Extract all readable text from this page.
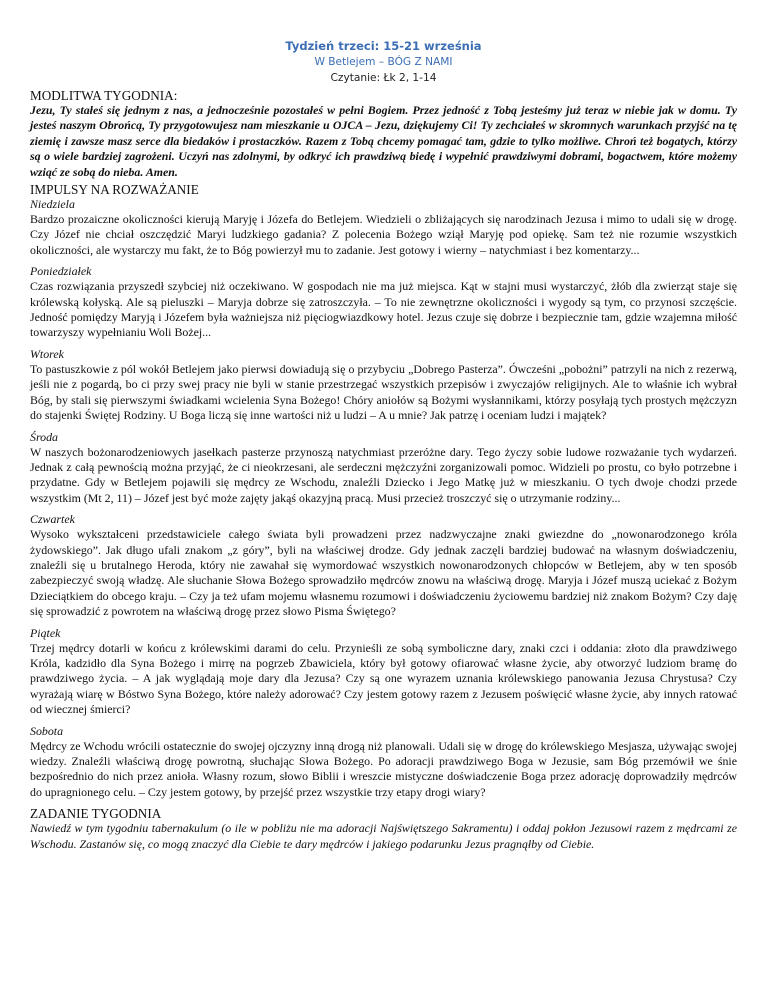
Tydzień trzeci: 15-21 września
W Betlejem – BÓG Z NAMI
Czytanie: Łk 2, 1-14
MODLITWA TYGODNIA:

Jezu, Ty stałeś się jednym z nas, a jednocześnie pozostałeś w pełni Bogiem. Przez jedność z Tobą jesteśmy już teraz w niebie jak w domu. Ty jesteś naszym Obrońcą, Ty przygotowujesz nam mieszkanie u OJCA – Jezu, dziękujemy Ci! Ty zechciałeś w skromnych warunkach przyjść na tę ziemię i zawsze masz serce dla biedaków i prostaczków. Razem z Tobą chcemy pomagać tam, gdzie to tylko możliwe. Chroń też bogatych, którzy są o wiele bardziej zagrożeni. Uczyń nas zdolnymi, by odkryć ich prawdziwą biedę i wypełnić prawdziwymi dobrami, bogactwem, które możemy wziąć ze sobą do nieba. Amen.

IMPULSY NA ROZWAŻANIE

Niedziela

Bardzo prozaiczne okoliczności kierują Maryję i Józefa do Betlejem. Wiedzieli o zbliżających się narodzinach Jezusa i mimo to udali się w drogę. Czy Józef nie chciał oszczędzić Maryi ludzkiego gadania? Z polecenia Bożego wziął Maryję pod opiekę. Sam też nie rozumie wszystkich okoliczności, ale wystarczy mu fakt, że to Bóg powierzył mu to zadanie. Jest gotowy i wierny – natychmiast i bez komentarzy...

Poniedziałek

Czas rozwiązania przyszedł szybciej niż oczekiwano. W gospodach nie ma już miejsca. Kąt w stajni musi wystarczyć, żłób dla zwierząt staje się królewską kołyską. Ale są pieluszki – Maryja dobrze się zatroszczyła. – To nie zewnętrzne okoliczności i wygody są tym, co przynosi szczęście. Jedność pomiędzy Maryją i Józefem była ważniejsza niż pięciogwiazdkowy hotel. Jezus czuje się dobrze i bezpiecznie tam, gdzie wzajemna miłość towarzyszy wypełnianiu Woli Bożej...

Wtorek

To pastuszkowie z pól wokół Betlejem jako pierwsi dowiadują się o przybyciu „Dobrego Pasterza”. Ówcześni „pobożni” patrzyli na nich z rezerwą, jeśli nie z pogardą, bo ci przy swej pracy nie byli w stanie przestrzegać wszystkich przepisów i zwyczajów religijnych. Ale to właśnie ich wybrał Bóg, by stali się pierwszymi świadkami wcielenia Syna Bożego! Chóry aniołów są Bożymi wysłannikami, którzy posyłają tych prostych mężczyzn do stajenki Świętej Rodziny. U Boga liczą się inne wartości niż u ludzi – A u mnie? Jak patrzę i oceniam ludzi i majątek?

Środa

W naszych bożonarodzeniowych jasełkach pasterze przynoszą natychmiast przeróżne dary. Tego życzy sobie ludowe rozważanie tych wydarzeń. Jednak z całą pewnością można przyjąć, że ci nieokrzesani, ale serdeczni mężczyźni zorganizowali pomoc. Widzieli po prostu, co było potrzebne i przydatne. Gdy w Betlejem pojawili się mędrcy ze Wschodu, znaleźli Dziecko i Jego Matkę już w mieszkaniu. O tych dwoje chodzi przede wszystkim (Mt 2, 11) – Józef jest być może zajęty jakąś okazyjną pracą. Musi przecież troszczyć się o utrzymanie rodziny...

Czwartek

Wysoko wykształceni przedstawiciele całego świata byli prowadzeni przez nadzwyczajne znaki gwiezdne do „nowonarodzonego króla żydowskiego”. Jak długo ufali znakom „z góry”, byli na właściwej drodze. Gdy jednak zaczęli bardziej budować na własnym doświadczeniu, znaleźli się u brutalnego Heroda, który nie zawahał się wymordować wszystkich nowonarodzonych chłopców w Betlejem, aby w ten sposób zabezpieczyć swoją władzę. Ale słuchanie Słowa Bożego sprowadziło mędrców znowu na właściwą drogę. Maryja i Józef muszą uciekać z Bożym Dzieciątkiem do obcego kraju. – Czy ja też ufam mojemu własnemu rozumowi i doświadczeniu życiowemu bardziej niż znakom Bożym? Czy daję się sprowadzić z powrotem na właściwą drogę przez słowo Pisma Świętego?

Piątek

Trzej mędrcy dotarli w końcu z królewskimi darami do celu. Przynieśli ze sobą symboliczne dary, znaki czci i oddania: złoto dla prawdziwego Króla, kadzidło dla Syna Bożego i mirrę na pogrzeb Zbawiciela, który był gotowy ofiarować własne życie, aby otworzyć ludziom bramę do prawdziwego życia. – A jak wyglądają moje dary dla Jezusa? Czy są one wyrazem uznania królewskiego panowania Jezusa Chrystusa? Czy wyrażają wiarę w Bóstwo Syna Bożego, które należy adorować? Czy jestem gotowy razem z Jezusem poświęcić własne życie, aby innych ratować od wiecznej śmierci?

Sobota

Mędrcy ze Wchodu wrócili ostatecznie do swojej ojczyzny inną drogą niż planowali. Udali się w drogę do królewskiego Mesjasza, używając swojej wiedzy. Znaleźli właściwą drogę powrotną, słuchając Słowa Bożego. Po adoracji prawdziwego Boga w Jezusie, sam Bóg przemówił we śnie bezpośrednio do nich przez anioła. Własny rozum, słowo Biblii i wreszcie mistyczne doświadczenie Boga przez adorację doprowadziły mędrców do upragnionego celu. – Czy jestem gotowy, by przejść przez wszystkie trzy etapy drogi wiary?

ZADANIE TYGODNIA

Nawiedź w tym tygodniu tabernakulum (o ile w pobliżu nie ma adoracji Najświętszego Sakramentu) i oddaj pokłon Jezusowi razem z mędrcami ze Wschodu. Zastanów się, co mogą znaczyć dla Ciebie te dary mędrców i jakiego podarunku Jezus pragnąłby od Ciebie.
